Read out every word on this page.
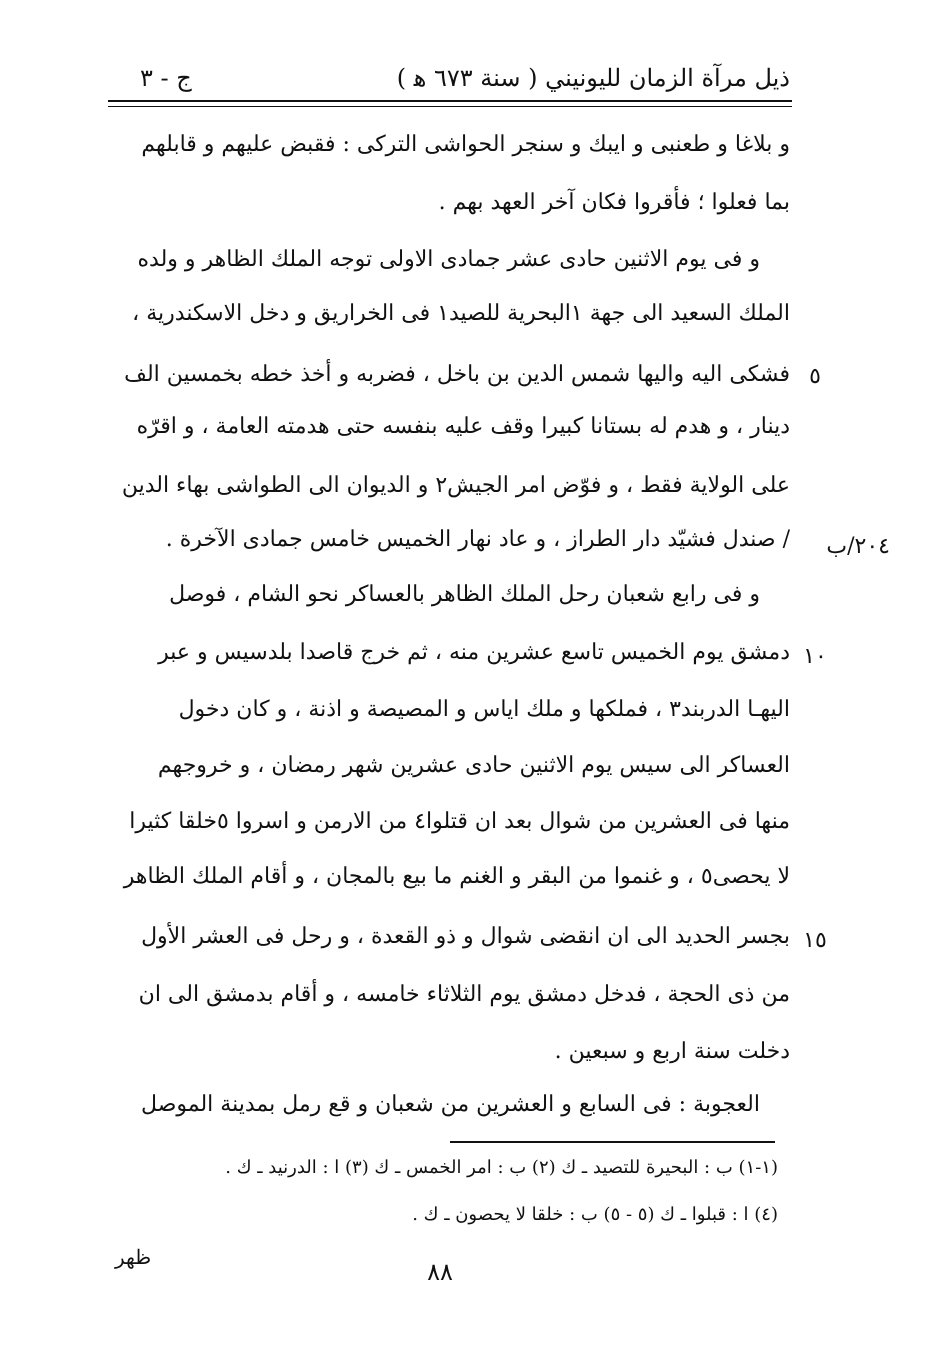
ذيل مرآة الزمان لليونيني ( سنة ٦٧٣ ﻫ )
ج - ٣
و بلاغا و طعنبى و ايبك و سنجر الحواشى التركى : فقبض عليهم و قابلهم
بما فعلوا ؛ فأقروا فكان آخر العهد بهم .
و فى يوم الاثنين حادى عشر جمادى الاولى توجه الملك الظاهر و ولده
الملك السعيد الى جهة ١البحرية للصيد١ فى الخراريق و دخل الاسكندرية ،
فشكى اليه واليها شمس الدين بن باخل ، فضربه و أخذ خطه بخمسين الف
دينار ، و هدم له بستانا كبيرا وقف عليه بنفسه حتى هدمته العامة ، و اقرّه
على الولاية فقط ، و فوّض امر الجيش٢ و الديوان الى الطواشى بهاء الدين
/ صندل فشيّد دار الطراز ، و عاد نهار الخميس خامس جمادى الآخرة .
و فى رابع شعبان رحل الملك الظاهر بالعساكر نحو الشام ، فوصل
دمشق يوم الخميس تاسع عشرين منه ، ثم خرج قاصدا بلدسيس و عبر
اليهـا الدربند٣ ، فملكها و ملك اياس و المصيصة و اذنة ، و كان دخول
العساكر الى سيس يوم الاثنين حادى عشرين شهر رمضان ، و خروجهم
منها فى العشرين من شوال بعد ان قتلوا٤ من الارمن و اسروا ٥خلقا كثيرا
لا يحصى٥ ، و غنموا من البقر و الغنم ما بيع بالمجان ، و أقام الملك الظاهر
بجسر الحديد الى ان انقضى شوال و ذو القعدة ، و رحل فى العشر الأول
من ذى الحجة ، فدخل دمشق يوم الثلاثاء خامسه ، و أقام بدمشق الى ان
دخلت سنة اربع و سبعين .
العجوبة : فى السابع و العشرين من شعبان و قع رمل بمدينة الموصل
٥
١٠
١٥
٢٠٤/ب
(١-١) ب : البحيرة للتصيد ـ ك (٢) ب : امر الخمس ـ ك (٣) ا : الدرنيد ـ ك .
(٤) ا : قبلوا ـ ك (٥ - ٥) ب : خلقا لا يحصون ـ ك .
ظهر
٨٨
